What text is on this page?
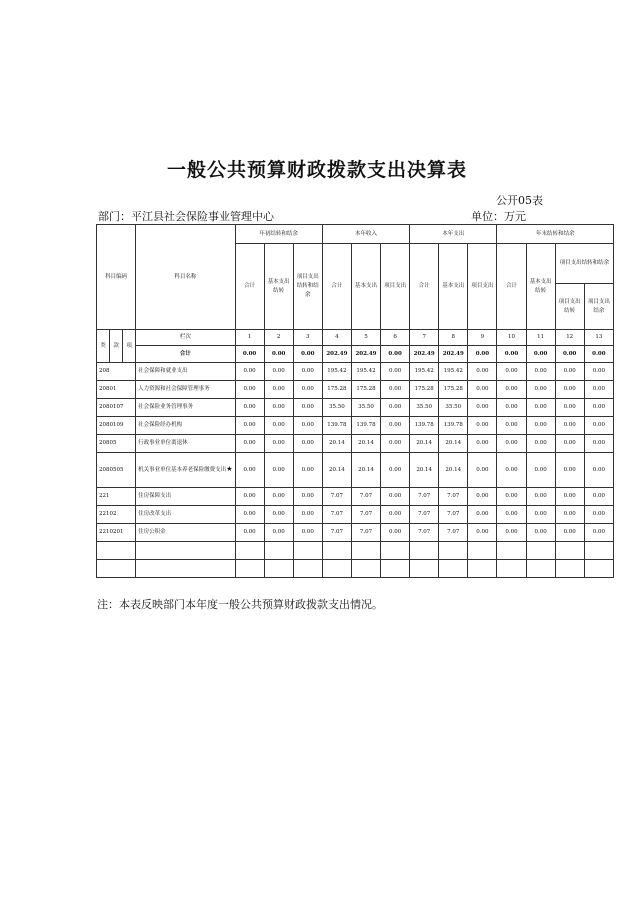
一般公共预算财政拨款支出决算表
公开05表
部门：平江县社会保险事业管理中心	单位：万元
科目编码			科目名称	年初结转和结余			本年收入			本年支出			年末结转和结余			
				合计	基本支出结转	项目支出结转和结余	合计	基本支出	项目支出	合计	基本支出	项目支出	合计	基本支出结转	项目支出结转和结余	
															项目支出结转	项目支出结余
类	款	项	栏次	1	2	3	4	5	6	7	8	9	10	11	12	13
			合计	0.00	0.00	0.00	202.49	202.49	0.00	202.49	202.49	0.00	0.00	0.00	0.00	0.00
208			社会保障和就业支出	0.00	0.00	0.00	195.42	195.42	0.00	195.42	195.42	0.00	0.00	0.00	0.00	0.00
20801			人力资源和社会保障管理事务	0.00	0.00	0.00	175.28	175.28	0.00	175.28	175.28	0.00	0.00	0.00	0.00	0.00
2080107			社会保险业务管理事务	0.00	0.00	0.00	35.50	35.50	0.00	35.50	35.50	0.00	0.00	0.00	0.00	0.00
2080109			社会保险经办机构	0.00	0.00	0.00	139.78	139.78	0.00	139.78	139.78	0.00	0.00	0.00	0.00	0.00
20805			行政事业单位离退休	0.00	0.00	0.00	20.14	20.14	0.00	20.14	20.14	0.00	0.00	0.00	0.00	0.00
2080505			机关事业单位基本养老保险缴费支出★	0.00	0.00	0.00	20.14	20.14	0.00	20.14	20.14	0.00	0.00	0.00	0.00	0.00
221			住房保障支出	0.00	0.00	0.00	7.07	7.07	0.00	7.07	7.07	0.00	0.00	0.00	0.00	0.00
22102			住房改革支出	0.00	0.00	0.00	7.07	7.07	0.00	7.07	7.07	0.00	0.00	0.00	0.00	0.00
2210201			住房公积金	0.00	0.00	0.00	7.07	7.07	0.00	7.07	7.07	0.00	0.00	0.00	0.00	0.00

注：本表反映部门本年度一般公共预算财政拨款支出情况。
